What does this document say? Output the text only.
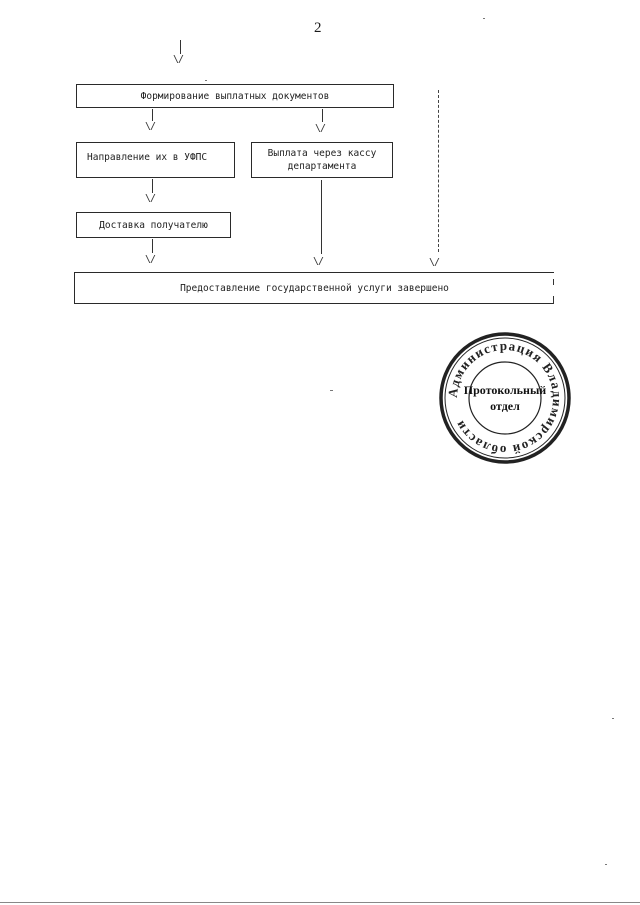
2
\/
Формирование выплатных документов
\/	\/
Направление их в УФПС	Выплата через кассу департамента
\/
Доставка получателю
\/	\/	\/
Предоставление государственной услуги завершено
Администрация Владимирской области
Протокольный
отдел
